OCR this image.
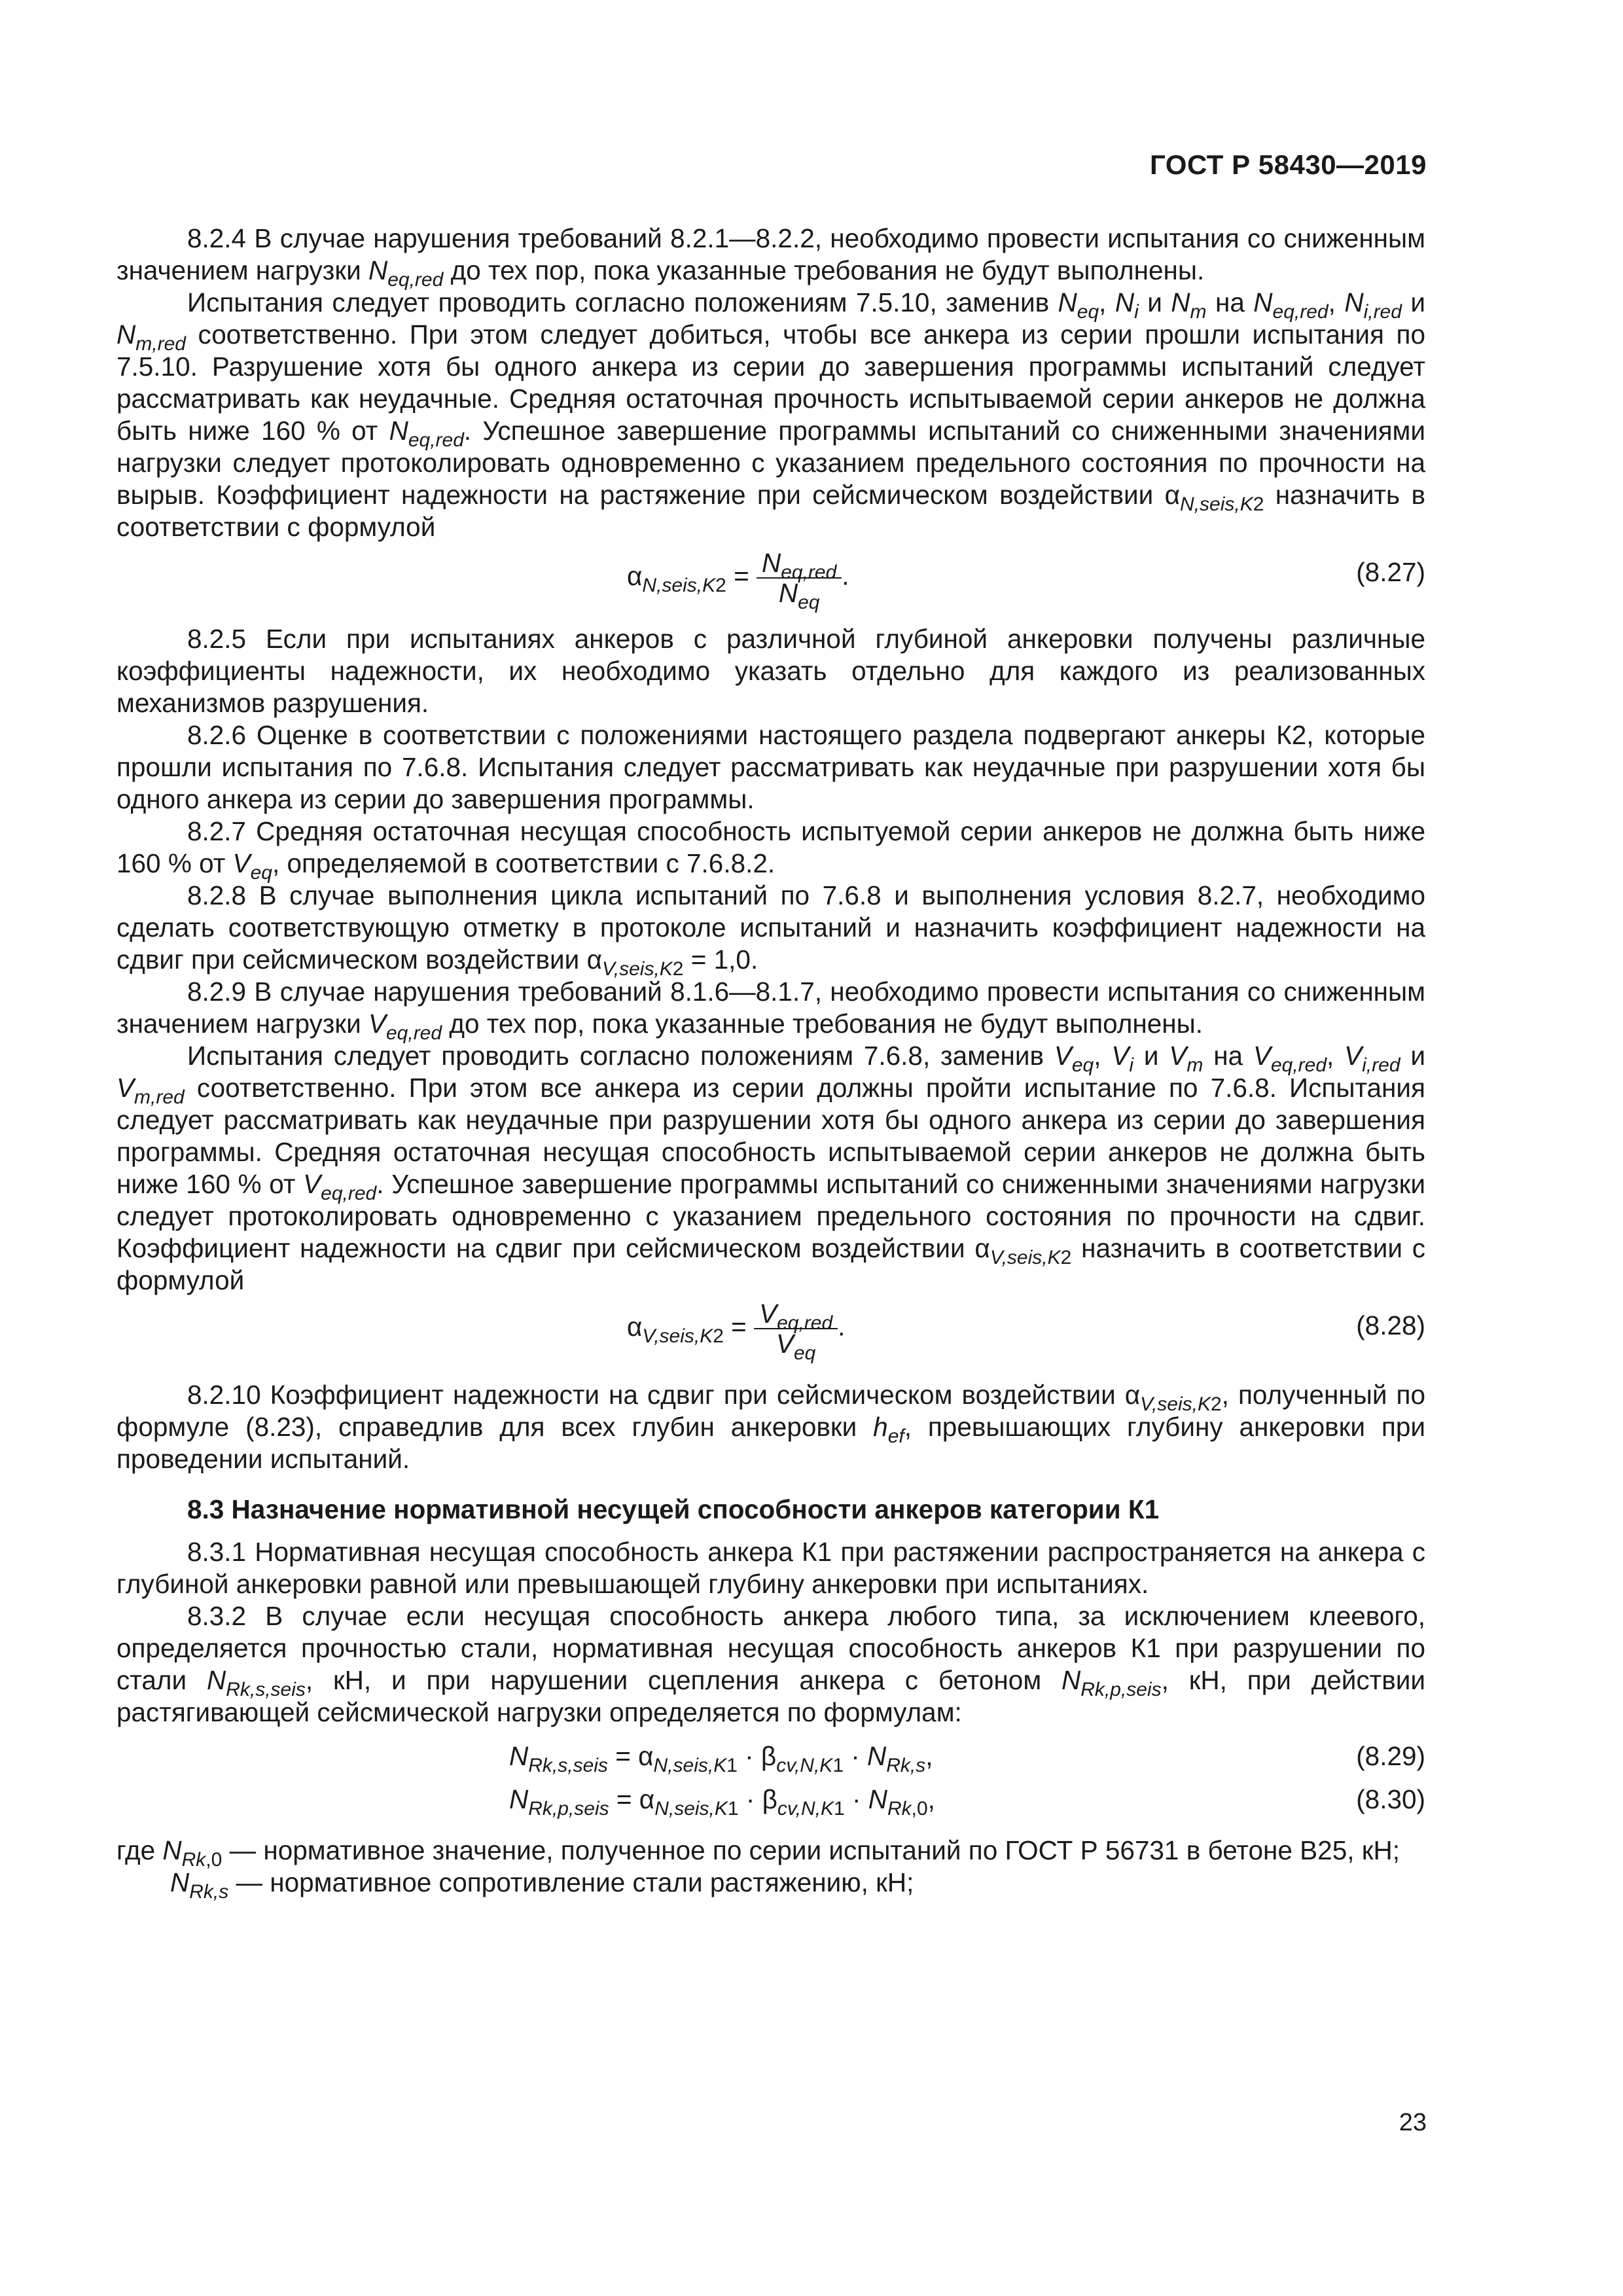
ГОСТ Р 58430—2019

8.2.4 В случае нарушения требований 8.2.1—8.2.2, необходимо провести испытания со сниженным значением нагрузки $N_{eq,red}$ до тех пор, пока указанные требования не будут выполнены.

Испытания следует проводить согласно положениям 7.5.10, заменив $N_{eq}$, $N_i$ и $N_m$ на $N_{eq,red}$, $N_{i,red}$ и $N_{m,red}$ соответственно. При этом следует добиться, чтобы все анкера из серии прошли испытания по 7.5.10. Разрушение хотя бы одного анкера из серии до завершения программы испытаний следует рассматривать как неудачные. Средняя остаточная прочность испытываемой серии анкеров не должна быть ниже 160 % от $N_{eq,red}$. Успешное завершение программы испытаний со сниженными значениями нагрузки следует протоколировать одновременно с указанием предельного состояния по прочности на вырыв. Коэффициент надежности на растяжение при сейсмическом воздействии $\alpha_{N,seis,K2}$ назначить в соответствии с формулой

$\alpha_{N,seis,K2} = \frac{N_{eq,red}}{N_{eq}}$ .	(8.27)

8.2.5 Если при испытаниях анкеров с различной глубиной анкеровки получены различные коэффициенты надежности, их необходимо указать отдельно для каждого из реализованных механизмов разрушения.

8.2.6 Оценке в соответствии с положениями настоящего раздела подвергают анкеры К2, которые прошли испытания по 7.6.8. Испытания следует рассматривать как неудачные при разрушении хотя бы одного анкера из серии до завершения программы.

8.2.7 Средняя остаточная несущая способность испытуемой серии анкеров не должна быть ниже 160 % от $V_{eq}$, определяемой в соответствии с 7.6.8.2.

8.2.8 В случае выполнения цикла испытаний по 7.6.8 и выполнения условия 8.2.7, необходимо сделать соответствующую отметку в протоколе испытаний и назначить коэффициент надежности на сдвиг при сейсмическом воздействии $\alpha_{V,seis,K2} = 1,0$.

8.2.9 В случае нарушения требований 8.1.6—8.1.7, необходимо провести испытания со сниженным значением нагрузки $V_{eq,red}$ до тех пор, пока указанные требования не будут выполнены.

Испытания следует проводить согласно положениям 7.6.8, заменив $V_{eq}$, $V_i$ и $V_m$ на $V_{eq,red}$, $V_{i,red}$ и $V_{m,red}$ соответственно. При этом все анкера из серии должны пройти испытание по 7.6.8. Испытания следует рассматривать как неудачные при разрушении хотя бы одного анкера из серии до завершения программы. Средняя остаточная несущая способность испытываемой серии анкеров не должна быть ниже 160 % от $V_{eq,red}$. Успешное завершение программы испытаний со сниженными значениями нагрузки следует протоколировать одновременно с указанием предельного состояния по прочности на сдвиг. Коэффициент надежности на сдвиг при сейсмическом воздействии $\alpha_{V,seis,K2}$ назначить в соответствии с формулой

$\alpha_{V,seis,K2} = \frac{V_{eq,red}}{V_{eq}}$ .	(8.28)

8.2.10 Коэффициент надежности на сдвиг при сейсмическом воздействии $\alpha_{V,seis,K2}$, полученный по формуле (8.23), справедлив для всех глубин анкеровки $h_{ef}$, превышающих глубину анкеровки при проведении испытаний.

8.3 Назначение нормативной несущей способности анкеров категории К1

8.3.1 Нормативная несущая способность анкера К1 при растяжении распространяется на анкера с глубиной анкеровки равной или превышающей глубину анкеровки при испытаниях.

8.3.2 В случае если несущая способность анкера любого типа, за исключением клеевого, определяется прочностью стали, нормативная несущая способность анкеров К1 при разрушении по стали $N_{Rk,s,seis}$, кН, и при нарушении сцепления анкера с бетоном $N_{Rk,p,seis}$, кН, при действии растягивающей сейсмической нагрузки определяется по формулам:

$N_{Rk,s,seis} = \alpha_{N,seis,K1} \cdot \beta_{cv,N,K1} \cdot N_{Rk,s}$,	(8.29)
$N_{Rk,p,seis} = \alpha_{N,seis,K1} \cdot \beta_{cv,N,K1} \cdot N_{Rk,0}$,	(8.30)

где $N_{Rk,0}$ — нормативное значение, полученное по серии испытаний по ГОСТ Р 56731 в бетоне В25, кН;

$N_{Rk,s}$ — нормативное сопротивление стали растяжению, кН;

23
